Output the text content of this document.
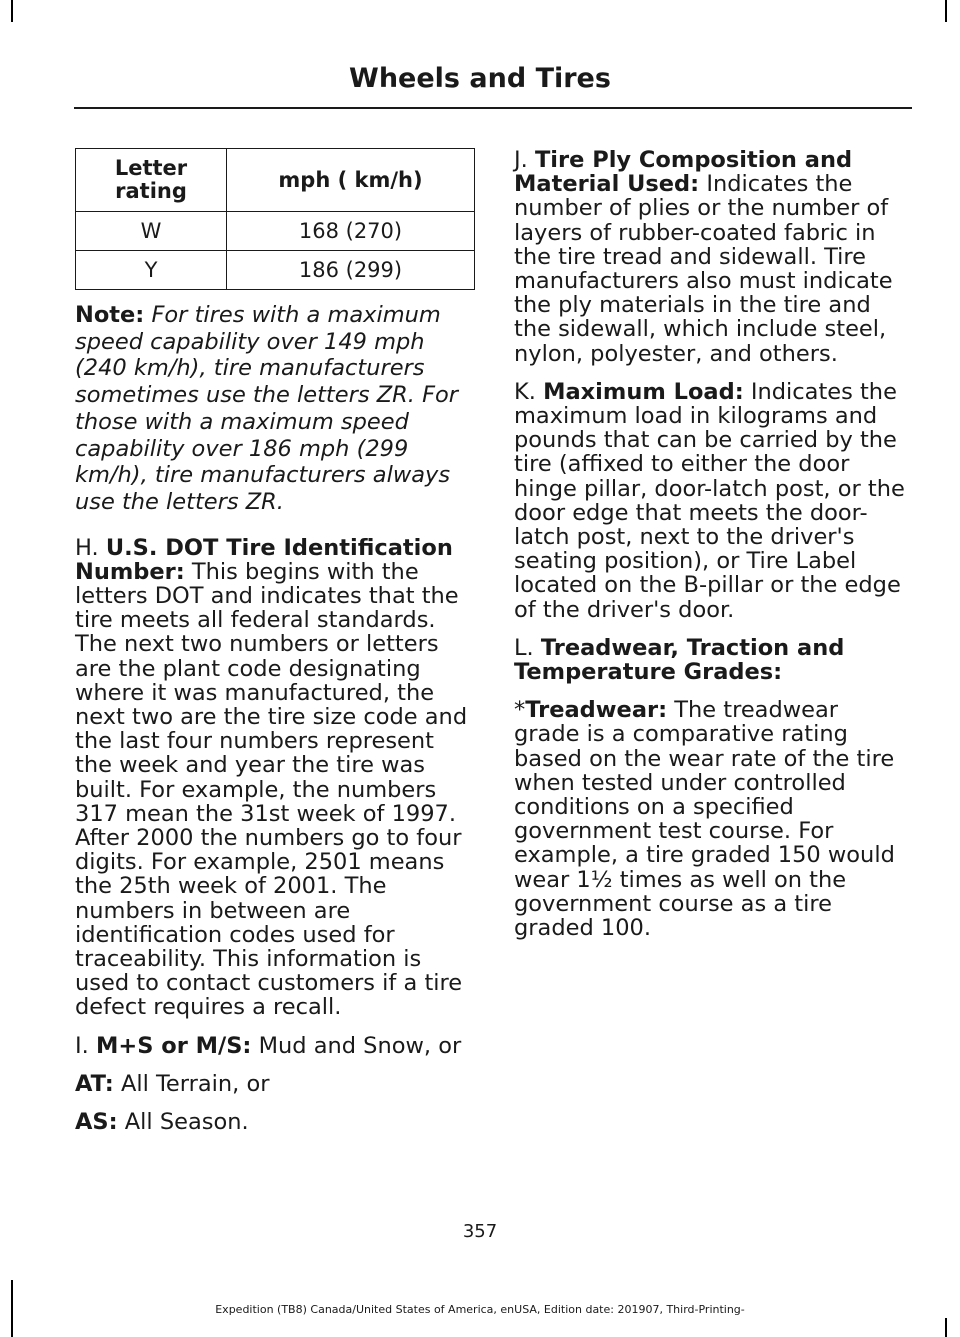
Wheels and Tires
Letter rating	mph ( km/h)
W	168 (270)
Y	186 (299)

Note: For tires with a maximum speed capability over 149 mph (240 km/h), tire manufacturers sometimes use the letters ZR. For those with a maximum speed capability over 186 mph (299 km/h), tire manufacturers always use the letters ZR.

H. U.S. DOT Tire Identification Number: This begins with the letters DOT and indicates that the tire meets all federal standards. The next two numbers or letters are the plant code designating where it was manufactured, the next two are the tire size code and the last four numbers represent the week and year the tire was built. For example, the numbers 317 mean the 31st week of 1997. After 2000 the numbers go to four digits. For example, 2501 means the 25th week of 2001. The numbers in between are identification codes used for traceability. This information is used to contact customers if a tire defect requires a recall.

I. M+S or M/S: Mud and Snow, or

AT: All Terrain, or

AS: All Season.

J. Tire Ply Composition and Material Used: Indicates the number of plies or the number of layers of rubber-coated fabric in the tire tread and sidewall. Tire manufacturers also must indicate the ply materials in the tire and the sidewall, which include steel, nylon, polyester, and others.

K. Maximum Load: Indicates the maximum load in kilograms and pounds that can be carried by the tire (affixed to either the door hinge pillar, door-latch post, or the door edge that meets the door-latch post, next to the driver's seating position), or Tire Label located on the B-pillar or the edge of the driver's door.

L. Treadwear, Traction and Temperature Grades:

*Treadwear: The treadwear grade is a comparative rating based on the wear rate of the tire when tested under controlled conditions on a specified government test course. For example, a tire graded 150 would wear 1½ times as well on the government course as a tire graded 100.

357
Expedition (TB8) Canada/United States of America, enUSA, Edition date: 201907, Third-Printing-
